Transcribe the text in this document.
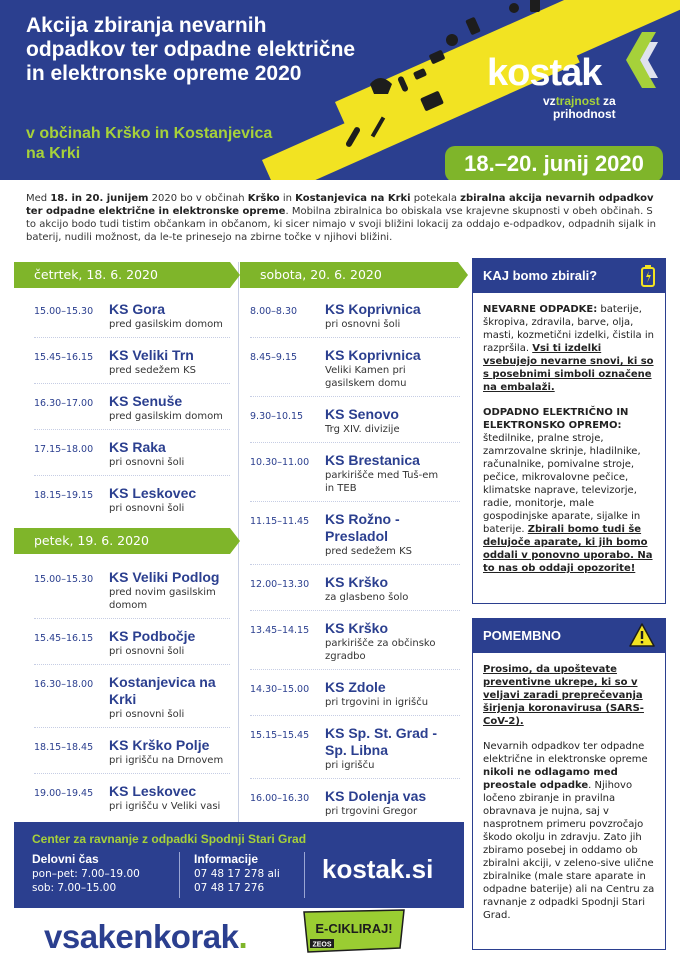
Akcija zbiranja nevarnih odpadkov ter odpadne električne in elektronske opreme 2020
v občinah Krško in Kostanjevica na Krki
kostak
vztrajnost za
prihodnost
18.–20. junij 2020
Med 18. in 20. junijem 2020 bo v občinah Krško in Kostanjevica na Krki potekala zbiralna akcija nevarnih odpadkov ter odpadne električne in elektronske opreme. Mobilna zbiralnica bo obiskala vse krajevne skupnosti v obeh občinah. S to akcijo bodo tudi tistim občankam in občanom, ki sicer nimajo v svoji bližini lokacij za oddajo e-odpadkov, odpadnih sijalk in baterij, nudili možnost, da le-te prinesejo na zbirne točke v njihovi bližini.
četrtek, 18. 6. 2020
15.00–15.30 KS Gora
pred gasilskim domom
15.45–16.15 KS Veliki Trn
pred sedežem KS
16.30–17.00 KS Senuše
pred gasilskim domom
17.15–18.00 KS Raka
pri osnovni šoli
18.15–19.15 KS Leskovec
pri osnovni šoli
petek, 19. 6. 2020
15.00–15.30 KS Veliki Podlog
pred novim gasilskim domom
15.45–16.15 KS Podbočje
pri osnovni šoli
16.30–18.00 Kostanjevica na Krki
pri osnovni šoli
18.15–18.45 KS Krško Polje
pri igrišču na Drnovem
19.00–19.45 KS Leskovec
pri igrišču v Veliki vasi
sobota, 20. 6. 2020
8.00–8.30 KS Koprivnica
pri osnovni šoli
8.45–9.15 KS Koprivnica
Veliki Kamen pri gasilskem domu
9.30–10.15 KS Senovo
Trg XIV. divizije
10.30–11.00 KS Brestanica
parkirišče med Tuš-em in TEB
11.15–11.45 KS Rožno - Presladol
pred sedežem KS
12.00–13.30 KS Krško
za glasbeno šolo
13.45–14.15 KS Krško
parkirišče za občinsko zgradbo
14.30–15.00 KS Zdole
pri trgovini in igrišču
15.15–15.45 KS Sp. St. Grad - Sp. Libna
pri igrišču
16.00–16.30 KS Dolenja vas
pri trgovini Gregor
KAJ bomo zbirali?

NEVARNE ODPADKE: baterije, škropiva, zdravila, barve, olja, masti, kozmetični izdelki, čistila in razpršila. Vsi ti izdelki vsebujejo nevarne snovi, ki so s posebnimi simboli označene na embalaži.

ODPADNO ELEKTRIČNO IN ELEKTRONSKO OPREMO: štedilnike, pralne stroje, zamrzovalne skrinje, hladilnike, računalnike, pomivalne stroje, pečice, mikrovalovne pečice, klimatske naprave, televizorje, radie, monitorje, male gospodinjske aparate, sijalke in baterije. Zbirali bomo tudi še delujoče aparate, ki jih bomo oddali v ponovno uporabo. Na to nas ob oddaji opozorite!

POMEMBNO

Prosimo, da upoštevate preventivne ukrepe, ki so v veljavi zaradi preprečevanja širjenja koronavirusa (SARS-CoV-2).

Nevarnih odpadkov ter odpadne električne in elektronske opreme nikoli ne odlagamo med preostale odpadke. Njihovo ločeno zbiranje in pravilna obravnava je nujna, saj v nasprotnem primeru povzročajo škodo okolju in zdravju. Zato jih zbiramo posebej in oddamo ob zbiralni akciji, v zeleno-sive ulične zbiralnike (male stare aparate in odpadne baterije) ali na Centru za ravnanje z odpadki Spodnji Stari Grad.

Center za ravnanje z odpadki Spodnji Stari Grad
Delovni čas
pon–pet: 7.00–19.00
sob: 7.00–15.00
Informacije
07 48 17 278 ali
07 48 17 276
kostak.si
vsakenkorak.	E-CIKLIRAJ!
ZEOS
